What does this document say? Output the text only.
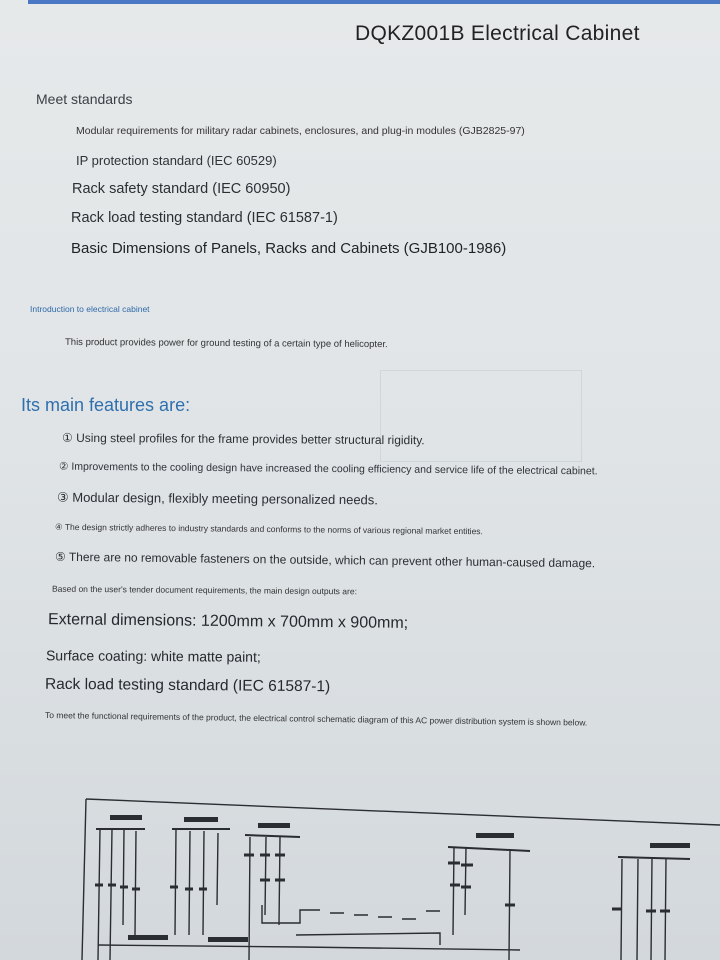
DQKZ001B Electrical Cabinet
Meet standards
Modular requirements for military radar cabinets, enclosures, and plug-in modules (GJB2825-97)
IP protection standard (IEC 60529)
Rack safety standard (IEC 60950)
Rack load testing standard (IEC 61587-1)
Basic Dimensions of Panels, Racks and Cabinets (GJB100-1986)
Introduction to electrical cabinet
This product provides power for ground testing of a certain type of helicopter.
Its main features are:
① Using steel profiles for the frame provides better structural rigidity.
② Improvements to the cooling design have increased the cooling efficiency and service life of the electrical cabinet.
③ Modular design, flexibly meeting personalized needs.
④ The design strictly adheres to industry standards and conforms to the norms of various regional market entities.
⑤ There are no removable fasteners on the outside, which can prevent other human-caused damage.
Based on the user's tender document requirements, the main design outputs are:
External dimensions: 1200mm x 700mm x 900mm;
Surface coating: white matte paint;
Rack load testing standard (IEC 61587-1)
To meet the functional requirements of the product, the electrical control schematic diagram of this AC power distribution system is shown below.
